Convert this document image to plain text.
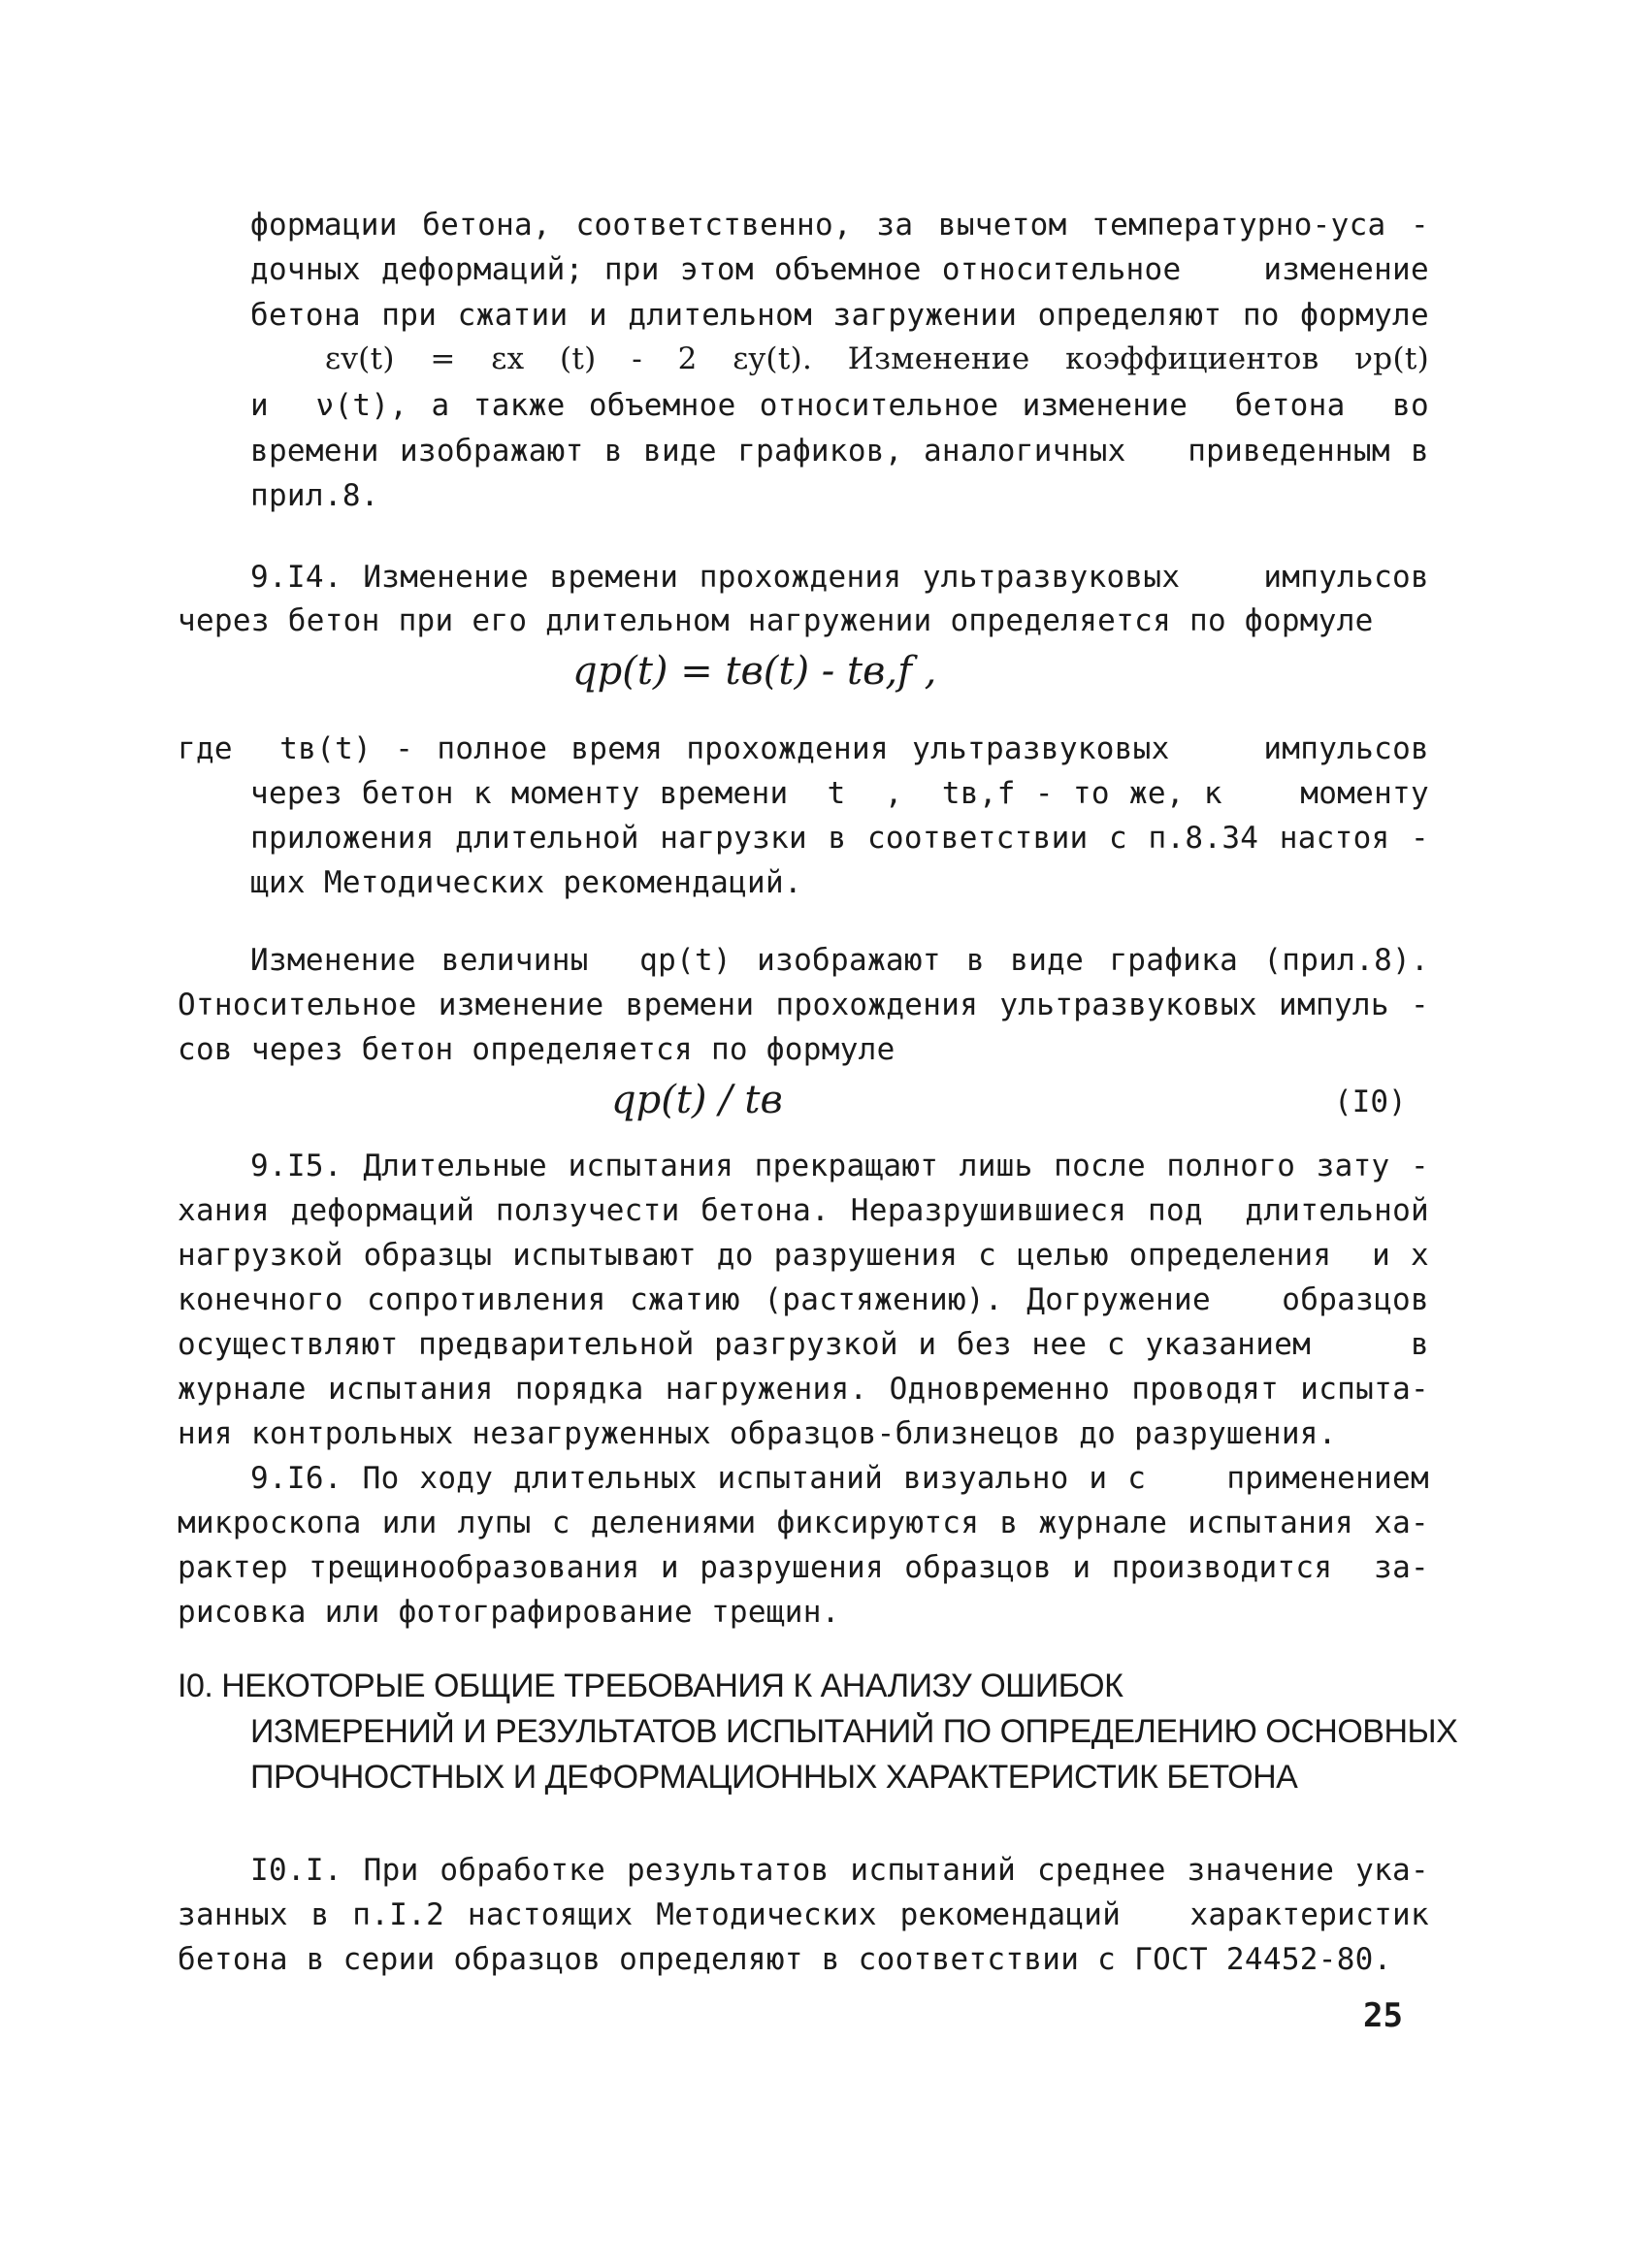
формации бетона, соответственно, за вычетом температурно-уса -
дочных деформаций; при этом объемное относительное    изменение
бетона при сжатии и длительном загружении определяют по формуле
εv(t) = εx (t) - 2 εy(t). Изменение коэффициентов νp(t)
и  ν(t), а также объемное относительное изменение  бетона  во
времени изображают в виде графиков, аналогичных   приведенным в
прил.8.
9.I4. Изменение времени прохождения ультразвуковых    импульсов
через бетон при его длительном нагружении определяется по формуле
qp(t) = tв(t) - tв,f ,
где  tв(t) - полное время прохождения ультразвуковых    импульсов
через бетон к моменту времени  t  ,  tв,f - то же, к    моменту
приложения длительной нагрузки в соответствии с п.8.34 настоя -
щих Методических рекомендаций.
Изменение величины  qp(t) изображают в виде графика (прил.8).
Относительное изменение времени прохождения ультразвуковых импуль -
сов через бетон определяется по формуле
qp(t) / tв	(I0)
9.I5. Длительные испытания прекращают лишь после полного зату -
хания деформаций ползучести бетона. Неразрушившиеся под  длительной
нагрузкой образцы испытывают до разрушения с целью определения  и х
конечного сопротивления сжатию (растяжению). Догружение   образцов
осуществляют предварительной разгрузкой и без нее с указанием     в
журнале испытания порядка нагружения. Одновременно проводят испыта-
ния контрольных незагруженных образцов-близнецов до разрушения.
9.I6. По ходу длительных испытаний визуально и с    применением
микроскопа или лупы с делениями фиксируются в журнале испытания ха-
рактер трещинообразования и разрушения образцов и производится  за-
рисовка или фотографирование трещин.
I0. НЕКОТОРЫЕ ОБЩИЕ ТРЕБОВАНИЯ К АНАЛИЗУ ОШИБОК
ИЗМЕРЕНИЙ И РЕЗУЛЬТАТОВ ИСПЫТАНИЙ ПО ОПРЕДЕЛЕНИЮ ОСНОВНЫХ
ПРОЧНОСТНЫХ И ДЕФОРМАЦИОННЫХ ХАРАКТЕРИСТИК БЕТОНА
I0.I. При обработке результатов испытаний среднее значение ука-
занных в п.I.2 настоящих Методических рекомендаций   характеристик
бетона в серии образцов определяют в соответствии с ГОСТ 24452-80.
25
